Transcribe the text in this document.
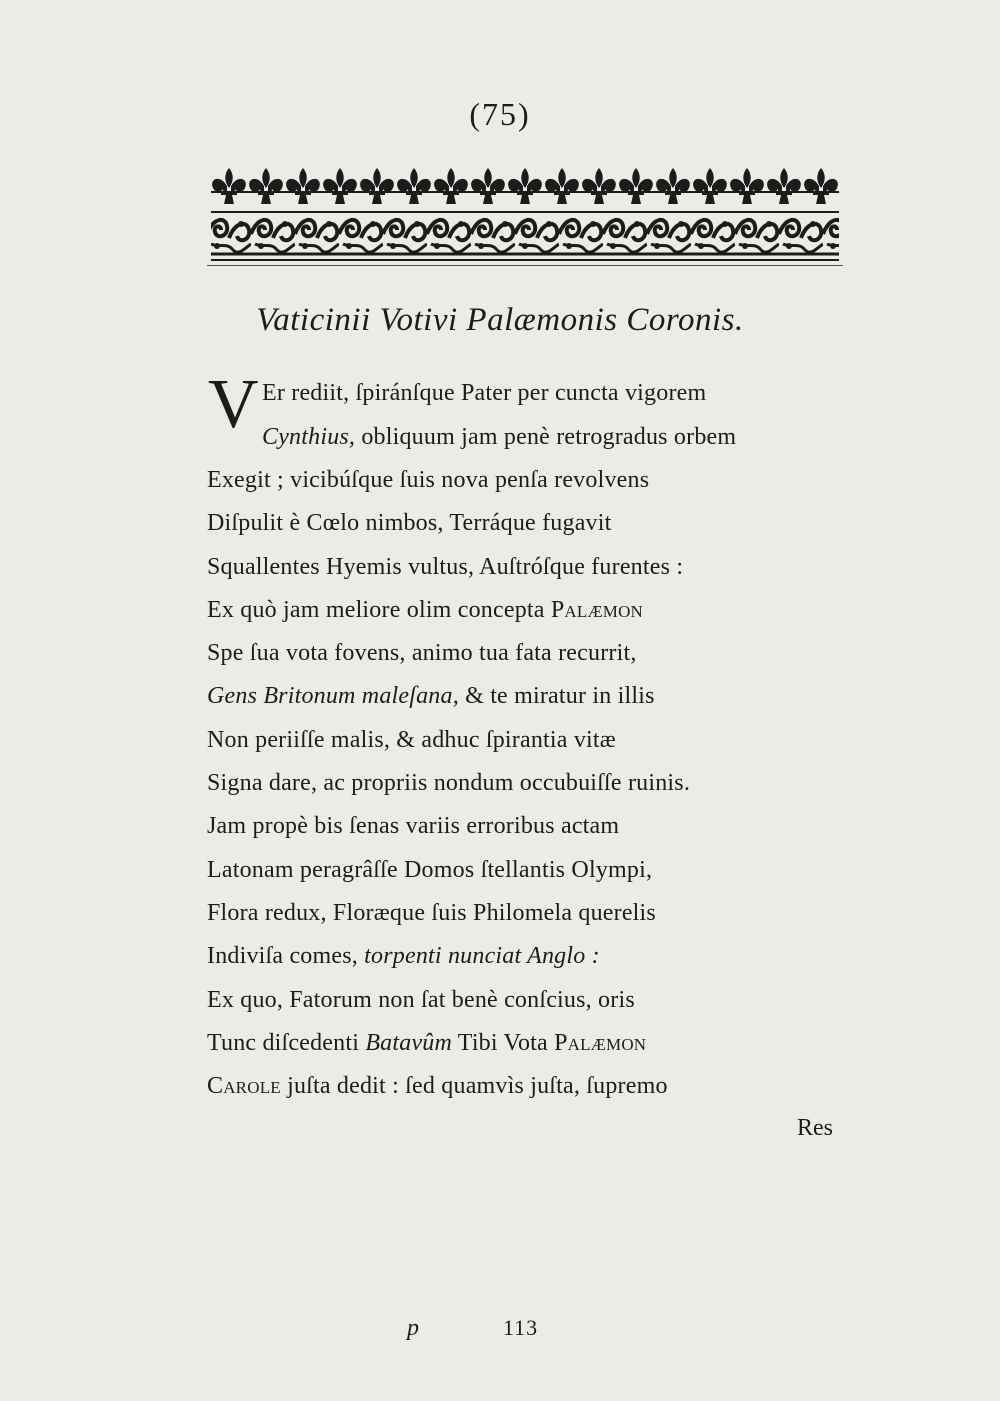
(75)
Vaticinii Votivi Palæmonis Coronis.
V Er rediit, ſpiránſque Pater per cuncta vigorem
Cynthius, obliquum jam penè retrogradus orbem
Exegit ; vicibúſque ſuis nova penſa revolvens
Diſpulit è Cœlo nimbos, Terráque fugavit
Squallentes Hyemis vultus, Auſtróſque furentes :
Ex quò jam meliore olim concepta Palæmon
Spe ſua vota fovens, animo tua fata recurrit,
Gens Britonum maleſana, & te miratur in illis
Non periiſſe malis, & adhuc ſpirantia vitæ
Signa dare, ac propriis nondum occubuiſſe ruinis.
Jam propè bis ſenas variis erroribus actam
Latonam peragrâſſe Domos ſtellantis Olympi,
Flora redux, Floræque ſuis Philomela querelis
Indiviſa comes, torpenti nunciat Anglo :
Ex quo, Fatorum non ſat benè conſcius, oris
Tunc diſcedenti Batavûm Tibi Vota Palæmon
Carole juſta dedit : ſed quamvìs juſta, ſupremo
Res
p	113
